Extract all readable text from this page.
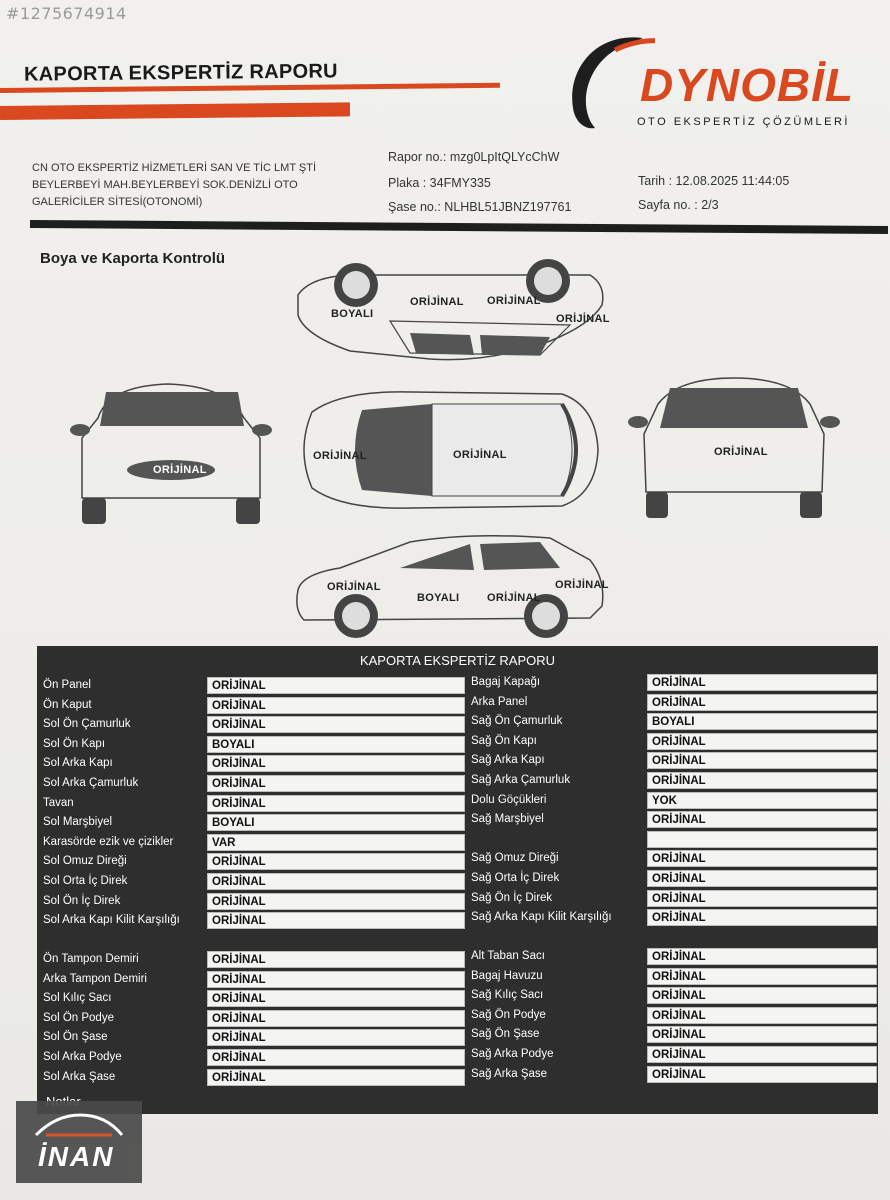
#1275674914
KAPORTA EKSPERTİZ RAPORU	DYNOBİL
OTO EKSPERTİZ ÇÖZÜMLERİ
CN OTO EKSPERTİZ HİZMETLERİ SAN VE TİC LMT ŞTİ
BEYLERBEYİ MAH.BEYLERBEYİ SOK.DENİZLİ OTO
GALERİCİLER SİTESİ(OTONOMİ)
Rapor no.: mzg0LpItQLYcChW
Plaka : 34FMY335
Şase no.: NLHBL51JBNZ197761
Tarih : 12.08.2025 11:44:05
Sayfa no. : 2/3
Boya ve Kaporta Kontrolü
BOYALI
ORİJİNAL ORİJİNAL
ORİJİNAL
ORİJİNAL
ORİJİNAL	ORİJİNAL	ORİJİNAL
ORİJİNAL
BOYALI	ORİJİNAL
ORİJİNAL
KAPORTA EKSPERTİZ RAPORU
Ön Panel	ORİJİNAL
Ön Kaput	ORİJİNAL
Sol Ön Çamurluk	ORİJİNAL
Sol Ön Kapı	BOYALI
Sol Arka Kapı	ORİJİNAL
Sol Arka Çamurluk	ORİJİNAL
Tavan	ORİJİNAL
Sol Marşbiyel	BOYALI
Karasörde ezik ve çizikler	VAR
Sol Omuz Direği	ORİJİNAL
Sol Orta İç Direk	ORİJİNAL
Sol Ön İç Direk	ORİJİNAL
Sol Arka Kapı Kilit Karşılığı	ORİJİNAL
Bagaj Kapağı	ORİJİNAL
Arka Panel	ORİJİNAL
Sağ Ön Çamurluk	BOYALI
Sağ Ön Kapı	ORİJİNAL
Sağ Arka Kapı	ORİJİNAL
Sağ Arka Çamurluk	ORİJİNAL
Dolu Göçükleri	YOK
Sağ Marşbiyel	ORİJİNAL
Sağ Omuz Direği	ORİJİNAL
Sağ Orta İç Direk	ORİJİNAL
Sağ Ön İç Direk	ORİJİNAL
Sağ Arka Kapı Kilit Karşılığı	ORİJİNAL
Ön Tampon Demiri	ORİJİNAL
Arka Tampon Demiri	ORİJİNAL
Sol Kılıç Sacı	ORİJİNAL
Sol Ön Podye	ORİJİNAL
Sol Ön Şase	ORİJİNAL
Sol Arka Podye	ORİJİNAL
Sol Arka Şase	ORİJİNAL
Alt Taban Sacı	ORİJİNAL
Bagaj Havuzu	ORİJİNAL
Sağ Kılıç Sacı	ORİJİNAL
Sağ Ön Podye	ORİJİNAL
Sağ Ön Şase	ORİJİNAL
Sağ Arka Podye	ORİJİNAL
Sağ Arka Şase	ORİJİNAL
İNAN
